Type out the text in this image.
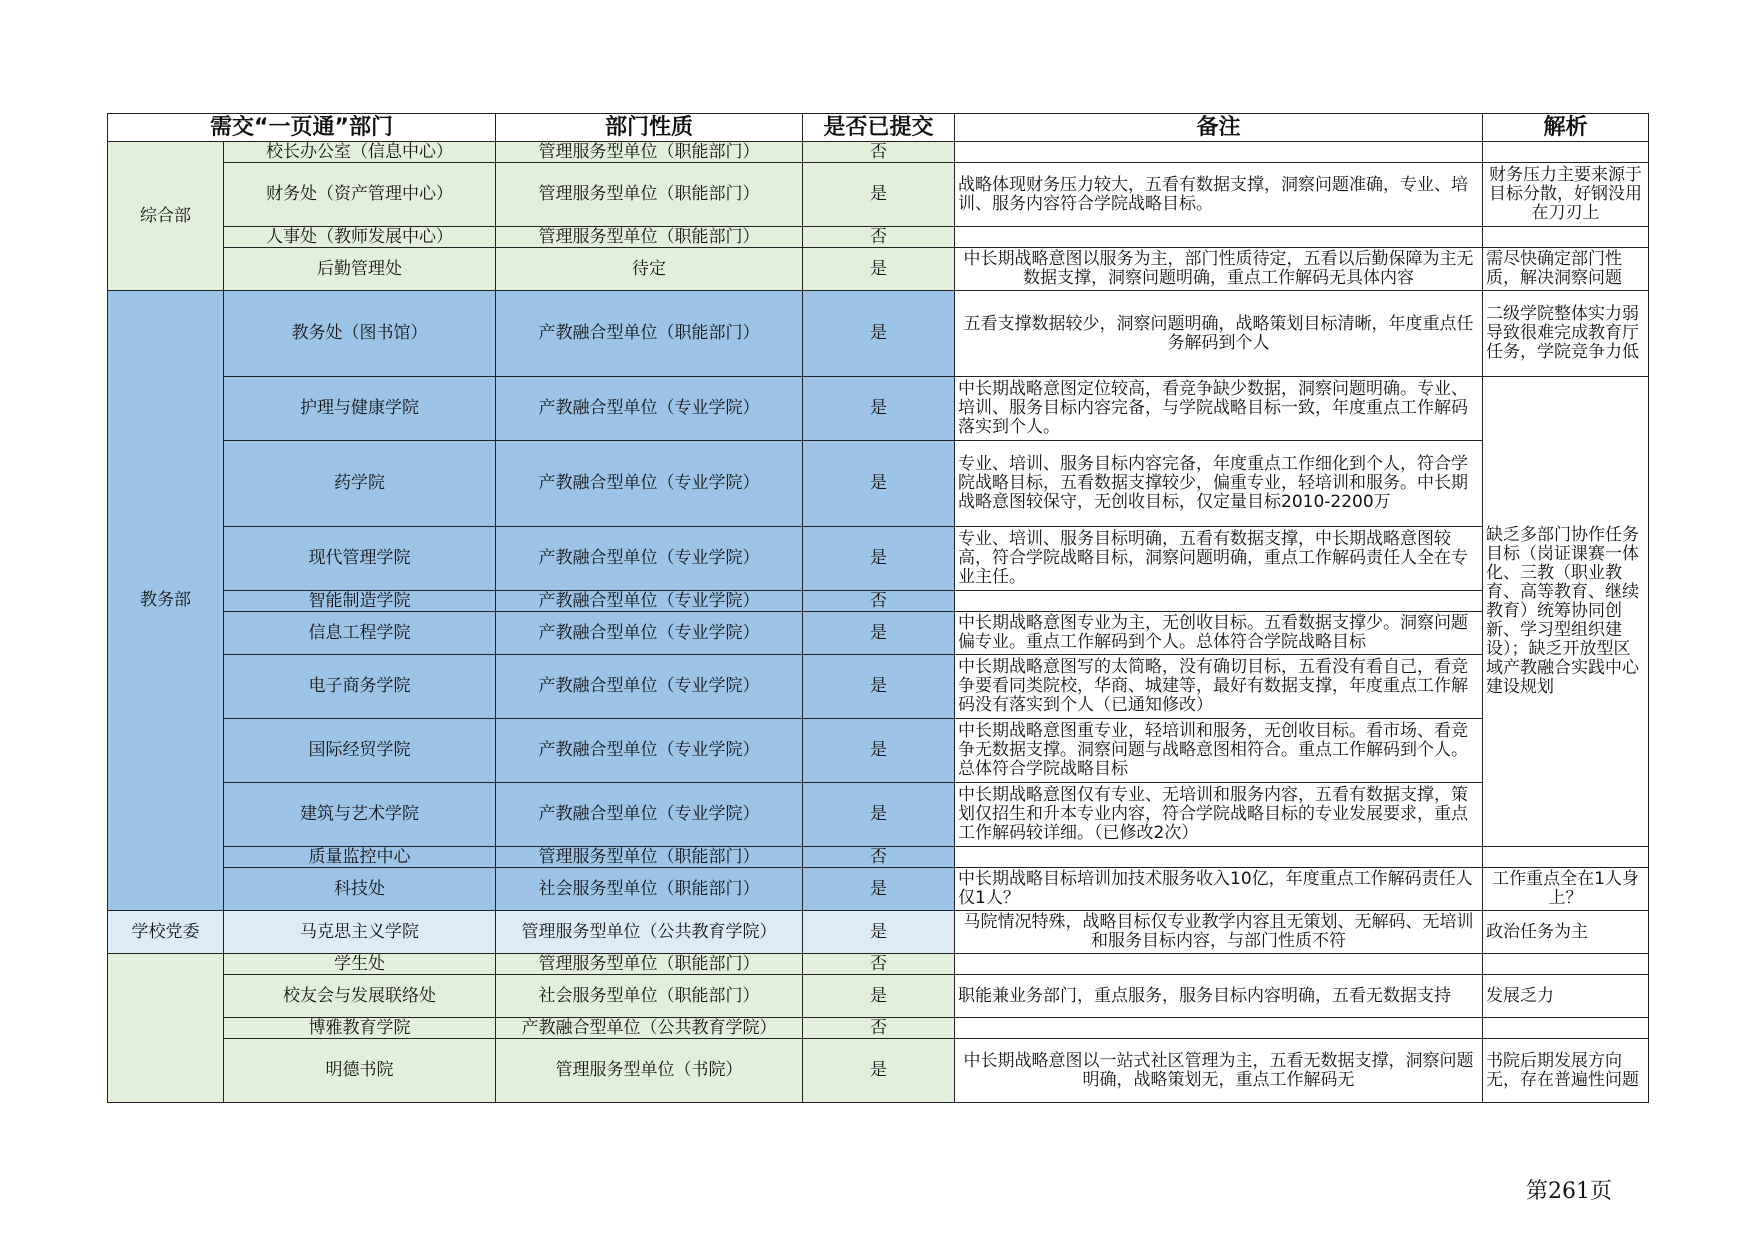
需交“一页通”部门		部门性质	是否已提交	备注	解析
综合部	校长办公室（信息中心）	管理服务型单位（职能部门）	否		
	财务处（资产管理中心）	管理服务型单位（职能部门）	是	战略体现财务压力较大，五看有数据支撑，洞察问题准确，专业、培训、服务内容符合学院战略目标。	财务压力主要来源于目标分散，好钢没用在刀刃上
	人事处（教师发展中心）	管理服务型单位（职能部门）	否		
	后勤管理处	待定	是	中长期战略意图以服务为主，部门性质待定，五看以后勤保障为主无数据支撑，洞察问题明确，重点工作解码无具体内容	需尽快确定部门性质，解决洞察问题
教务部	教务处（图书馆）	产教融合型单位（职能部门）	是	五看支撑数据较少，洞察问题明确，战略策划目标清晰，年度重点任务解码到个人	二级学院整体实力弱导致很难完成教育厅任务，学院竞争力低
	护理与健康学院	产教融合型单位（专业学院）	是	中长期战略意图定位较高，看竞争缺少数据，洞察问题明确。专业、培训、服务目标内容完备，与学院战略目标一致，年度重点工作解码落实到个人。	缺乏多部门协作任务目标（岗证课赛一体化、三教（职业教育、高等教育、继续教育）统筹协同创新、学习型组织建设）；缺乏开放型区域产教融合实践中心建设规划
	药学院	产教融合型单位（专业学院）	是	专业、培训、服务目标内容完备，年度重点工作细化到个人，符合学院战略目标，五看数据支撑较少，偏重专业，轻培训和服务。中长期战略意图较保守，无创收目标，仅定量目标2010-2200万	
	现代管理学院	产教融合型单位（专业学院）	是	专业、培训、服务目标明确，五看有数据支撑，中长期战略意图较高，符合学院战略目标，洞察问题明确，重点工作解码责任人全在专业主任。	
	智能制造学院	产教融合型单位（专业学院）	否		
	信息工程学院	产教融合型单位（专业学院）	是	中长期战略意图专业为主，无创收目标。五看数据支撑少。洞察问题偏专业。重点工作解码到个人。总体符合学院战略目标	
	电子商务学院	产教融合型单位（专业学院）	是	中长期战略意图写的太简略，没有确切目标，五看没有看自己，看竞争要看同类院校，华商、城建等，最好有数据支撑，年度重点工作解码没有落实到个人（已通知修改）	
	国际经贸学院	产教融合型单位（专业学院）	是	中长期战略意图重专业，轻培训和服务，无创收目标。看市场、看竞争无数据支撑。洞察问题与战略意图相符合。重点工作解码到个人。总体符合学院战略目标	
	建筑与艺术学院	产教融合型单位（专业学院）	是	中长期战略意图仅有专业、无培训和服务内容，五看有数据支撑，策划仅招生和升本专业内容，符合学院战略目标的专业发展要求，重点工作解码较详细。（已修改2次）	
	质量监控中心	管理服务型单位（职能部门）	否		
	科技处	社会服务型单位（职能部门）	是	中长期战略目标培训加技术服务收入10亿，年度重点工作解码责任人仅1人？	工作重点全在1人身上？
学校党委	马克思主义学院	管理服务型单位（公共教育学院）	是	马院情况特殊，战略目标仅专业教学内容且无策划、无解码、无培训和服务目标内容，与部门性质不符	政治任务为主
	学生处	管理服务型单位（职能部门）	否		
	校友会与发展联络处	社会服务型单位（职能部门）	是	职能兼业务部门，重点服务，服务目标内容明确，五看无数据支持	发展乏力
	博雅教育学院	产教融合型单位（公共教育学院）	否		
	明德书院	管理服务型单位（书院）	是	中长期战略意图以一站式社区管理为主，五看无数据支撑，洞察问题明确，战略策划无，重点工作解码无	书院后期发展方向无，存在普遍性问题
第261页
